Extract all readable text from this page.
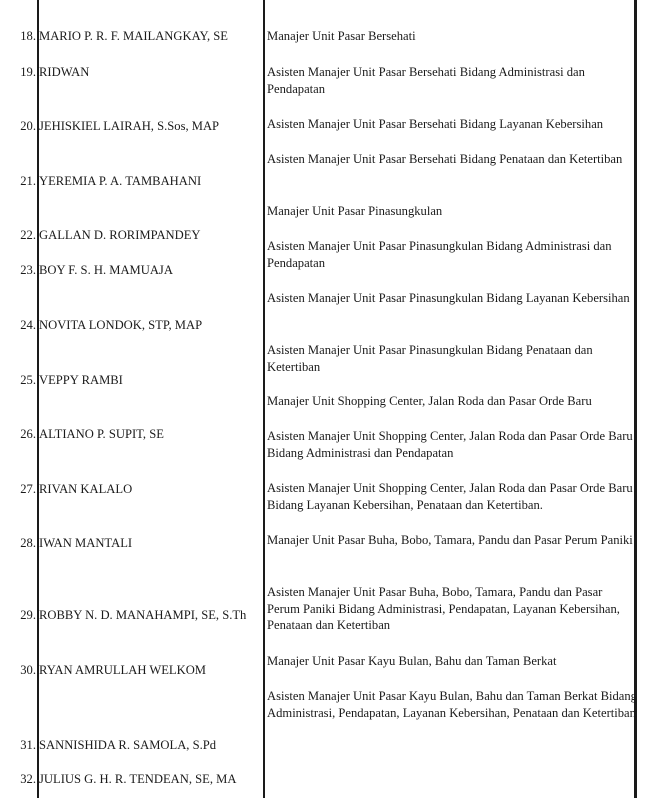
18.
19.
20.
21.
22.
23.
24.
25.
26.
27.
28.
29.
30.
31.
32.
MARIO P. R. F. MAILANGKAY, SE
RIDWAN
JEHISKIEL LAIRAH, S.Sos, MAP
YEREMIA P. A. TAMBAHANI
GALLAN D. RORIMPANDEY
BOY F. S. H. MAMUAJA
NOVITA LONDOK, STP, MAP
VEPPY RAMBI
ALTIANO P. SUPIT, SE
RIVAN KALALO
IWAN MANTALI
ROBBY N. D. MANAHAMPI, SE, S.Th
RYAN AMRULLAH WELKOM
SANNISHIDA R. SAMOLA, S.Pd
JULIUS G. H. R. TENDEAN, SE, MA
Manajer Unit Pasar Bersehati
Asisten Manajer Unit Pasar Bersehati Bidang Administrasi dan Pendapatan
Asisten Manajer Unit Pasar Bersehati Bidang Layanan Kebersihan
Asisten Manajer Unit Pasar Bersehati Bidang Penataan dan Ketertiban
Manajer Unit Pasar Pinasungkulan
Asisten Manajer Unit Pasar Pinasungkulan Bidang Administrasi dan Pendapatan
Asisten Manajer Unit Pasar Pinasungkulan Bidang Layanan Kebersihan
Asisten Manajer Unit Pasar Pinasungkulan Bidang Penataan dan Ketertiban
Manajer Unit Shopping Center, Jalan Roda dan Pasar Orde Baru
Asisten Manajer Unit Shopping Center, Jalan Roda dan Pasar Orde Baru Bidang Administrasi dan Pendapatan
Asisten Manajer Unit Shopping Center, Jalan Roda dan Pasar Orde Baru Bidang Layanan Kebersihan, Penataan dan Ketertiban.
Manajer Unit Pasar Buha, Bobo, Tamara, Pandu dan Pasar Perum Paniki
Asisten Manajer Unit Pasar Buha, Bobo, Tamara, Pandu dan Pasar Perum Paniki Bidang Administrasi, Pendapatan, Layanan Kebersihan, Penataan dan Ketertiban
Manajer Unit Pasar Kayu Bulan, Bahu dan Taman Berkat
Asisten Manajer Unit Pasar Kayu Bulan, Bahu dan Taman Berkat Bidang Administrasi, Pendapatan, Layanan Kebersihan, Penataan dan Ketertiban
